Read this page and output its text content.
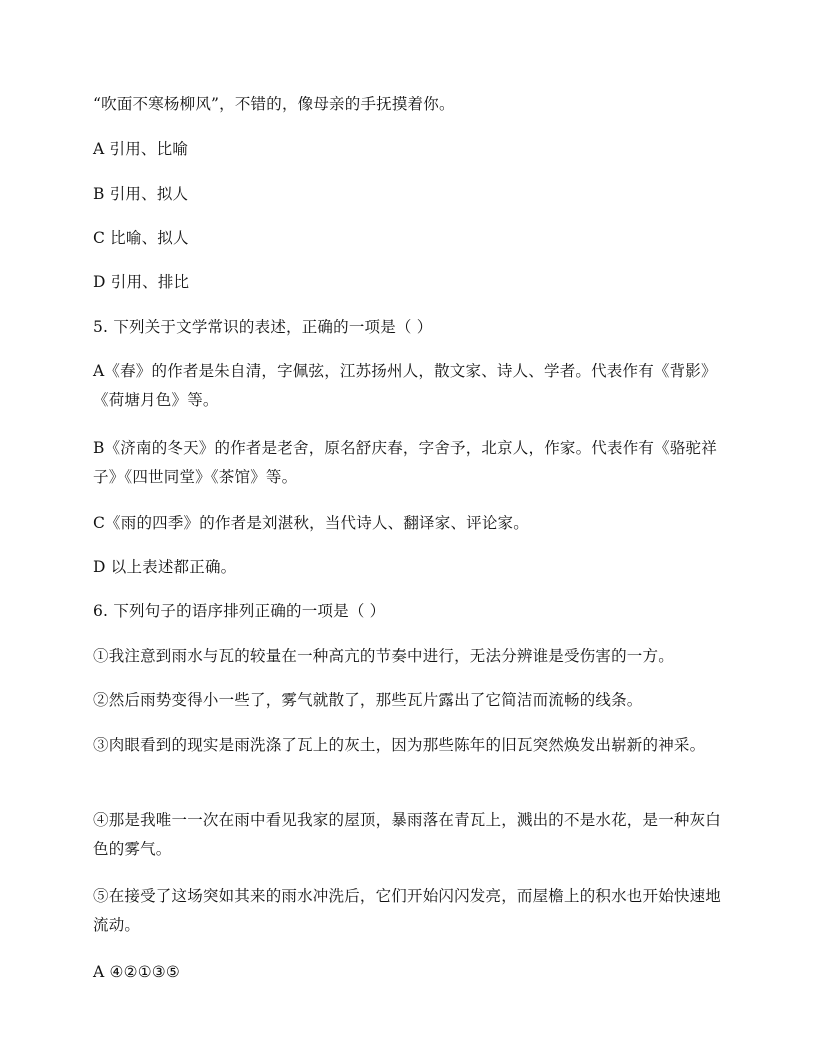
“吹面不寒杨柳风”，不错的，像母亲的手抚摸着你。
A 引用、比喻
B 引用、拟人
C 比喻、拟人
D 引用、排比
5. 下列关于文学常识的表述，正确的一项是（ ）
A《春》的作者是朱自清，字佩弦，江苏扬州人，散文家、诗人、学者。代表作有《背影》《荷塘月色》等。
B《济南的冬天》的作者是老舍，原名舒庆春，字舍予，北京人，作家。代表作有《骆驼祥子》《四世同堂》《茶馆》等。
C《雨的四季》的作者是刘湛秋，当代诗人、翻译家、评论家。
D 以上表述都正确。
6. 下列句子的语序排列正确的一项是（ ）
①我注意到雨水与瓦的较量在一种高亢的节奏中进行，无法分辨谁是受伤害的一方。
②然后雨势变得小一些了，雾气就散了，那些瓦片露出了它简洁而流畅的线条。
③肉眼看到的现实是雨洗涤了瓦上的灰土，因为那些陈年的旧瓦突然焕发出崭新的神采。
④那是我唯一一次在雨中看见我家的屋顶，暴雨落在青瓦上，溅出的不是水花，是一种灰白色的雾气。
⑤在接受了这场突如其来的雨水冲洗后，它们开始闪闪发亮，而屋檐上的积水也开始快速地流动。
A ④②①③⑤
